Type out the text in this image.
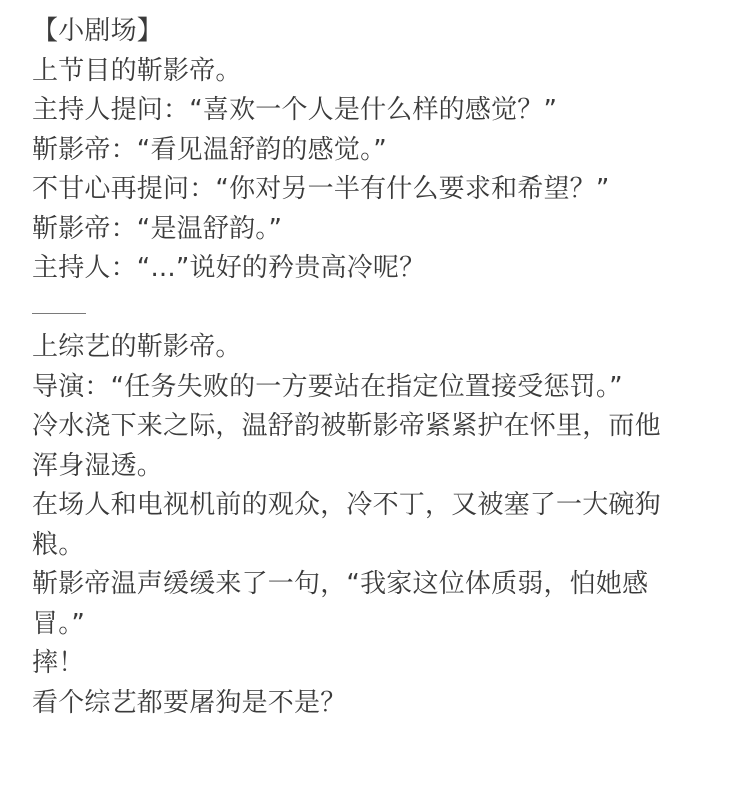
【小剧场】
上节目的靳影帝。
主持人提问：“喜欢一个人是什么样的感觉？”
靳影帝：“看见温舒韵的感觉。”
不甘心再提问：“你对另一半有什么要求和希望？”
靳影帝：“是温舒韵。”
主持人：“...”说好的矜贵高冷呢？
上综艺的靳影帝。
导演：“任务失败的一方要站在指定位置接受惩罚。”
冷水浇下来之际，温舒韵被靳影帝紧紧护在怀里，而他
浑身湿透。
在场人和电视机前的观众，冷不丁，又被塞了一大碗狗
粮。
靳影帝温声缓缓来了一句，“我家这位体质弱，怕她感
冒。”
摔！
看个综艺都要屠狗是不是？
